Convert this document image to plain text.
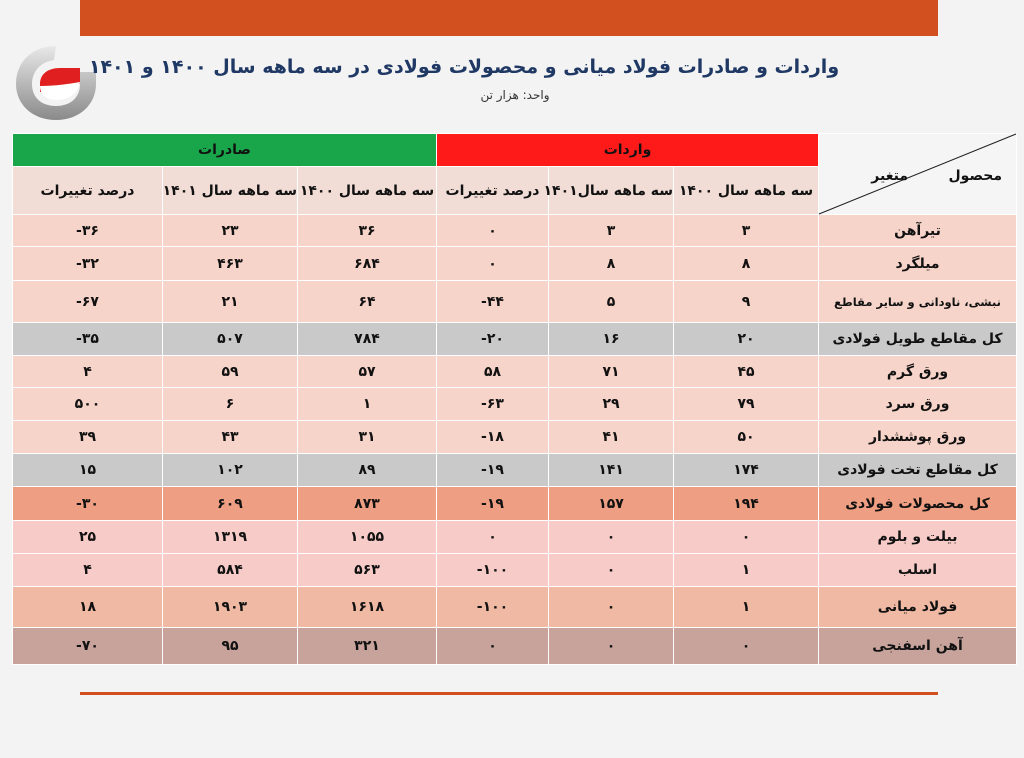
واردات و صادرات فولاد میانی و محصولات فولادی در سه ماهه سال ۱۴۰۰ و ۱۴۰۱
واحد: هزار تن
محصول
متغیر	واردات			صادرات		
	سه ماهه سال ۱۴۰۰	سه ماهه سال۱۴۰۱	درصد تغییرات	سه ماهه سال ۱۴۰۰	سه ماهه سال ۱۴۰۱	درصد تغییرات
تیرآهن	۳	۳	۰	۳۶	۲۳	۳۶-
میلگرد	۸	۸	۰	۶۸۴	۴۶۳	۳۲-
نبشی، ناودانی و سایر مقاطع	۹	۵	۴۴-	۶۴	۲۱	۶۷-
کل مقاطع طویل فولادی	۲۰	۱۶	۲۰-	۷۸۴	۵۰۷	۳۵-
ورق گرم	۴۵	۷۱	۵۸	۵۷	۵۹	۴
ورق سرد	۷۹	۲۹	۶۳-	۱	۶	۵۰۰
ورق پوششدار	۵۰	۴۱	۱۸-	۳۱	۴۳	۳۹
کل مقاطع تخت فولادی	۱۷۴	۱۴۱	۱۹-	۸۹	۱۰۲	۱۵
کل محصولات فولادی	۱۹۴	۱۵۷	۱۹-	۸۷۳	۶۰۹	۳۰-
بیلت و بلوم	۰	۰	۰	۱۰۵۵	۱۳۱۹	۲۵
اسلب	۱	۰	۱۰۰-	۵۶۳	۵۸۴	۴
فولاد میانی	۱	۰	۱۰۰-	۱۶۱۸	۱۹۰۳	۱۸
آهن اسفنجی	۰	۰	۰	۳۲۱	۹۵	۷۰-
